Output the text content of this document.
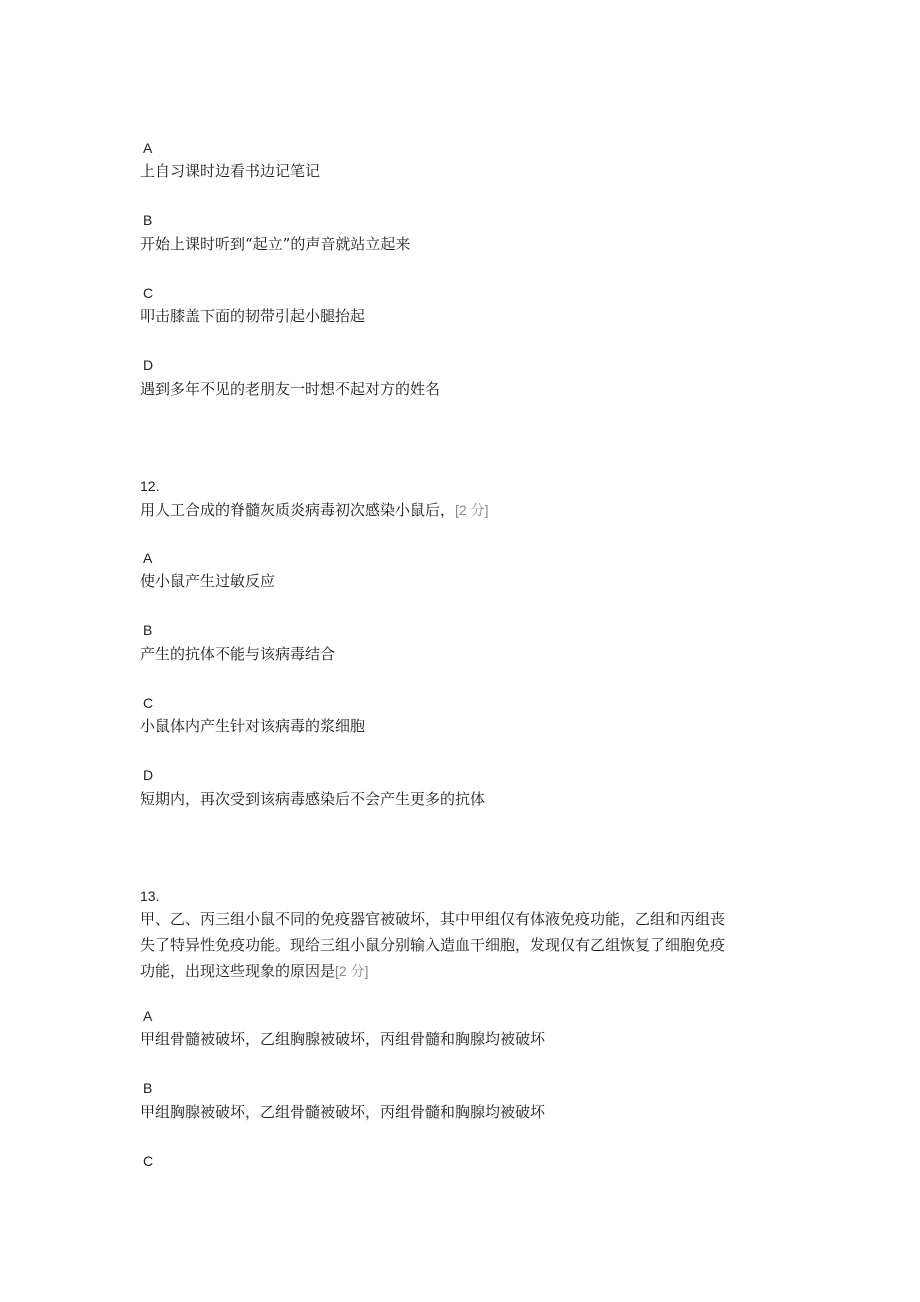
A
上自习课时边看书边记笔记
B
开始上课时听到“起立”的声音就站立起来
C
叩击膝盖下面的韧带引起小腿抬起
D
遇到多年不见的老朋友一时想不起对方的姓名
12.
用人工合成的脊髓灰质炎病毒初次感染小鼠后，[2 分]
A
使小鼠产生过敏反应
B
产生的抗体不能与该病毒结合
C
小鼠体内产生针对该病毒的浆细胞
D
短期内，再次受到该病毒感染后不会产生更多的抗体
13.
甲、乙、丙三组小鼠不同的免疫器官被破坏，其中甲组仅有体液免疫功能，乙组和丙组丧
失了特异性免疫功能。现给三组小鼠分别输入造血干细胞，发现仅有乙组恢复了细胞免疫
功能，出现这些现象的原因是[2 分]
A
甲组骨髓被破坏，乙组胸腺被破坏，丙组骨髓和胸腺均被破坏
B
甲组胸腺被破坏，乙组骨髓被破坏，丙组骨髓和胸腺均被破坏
C
